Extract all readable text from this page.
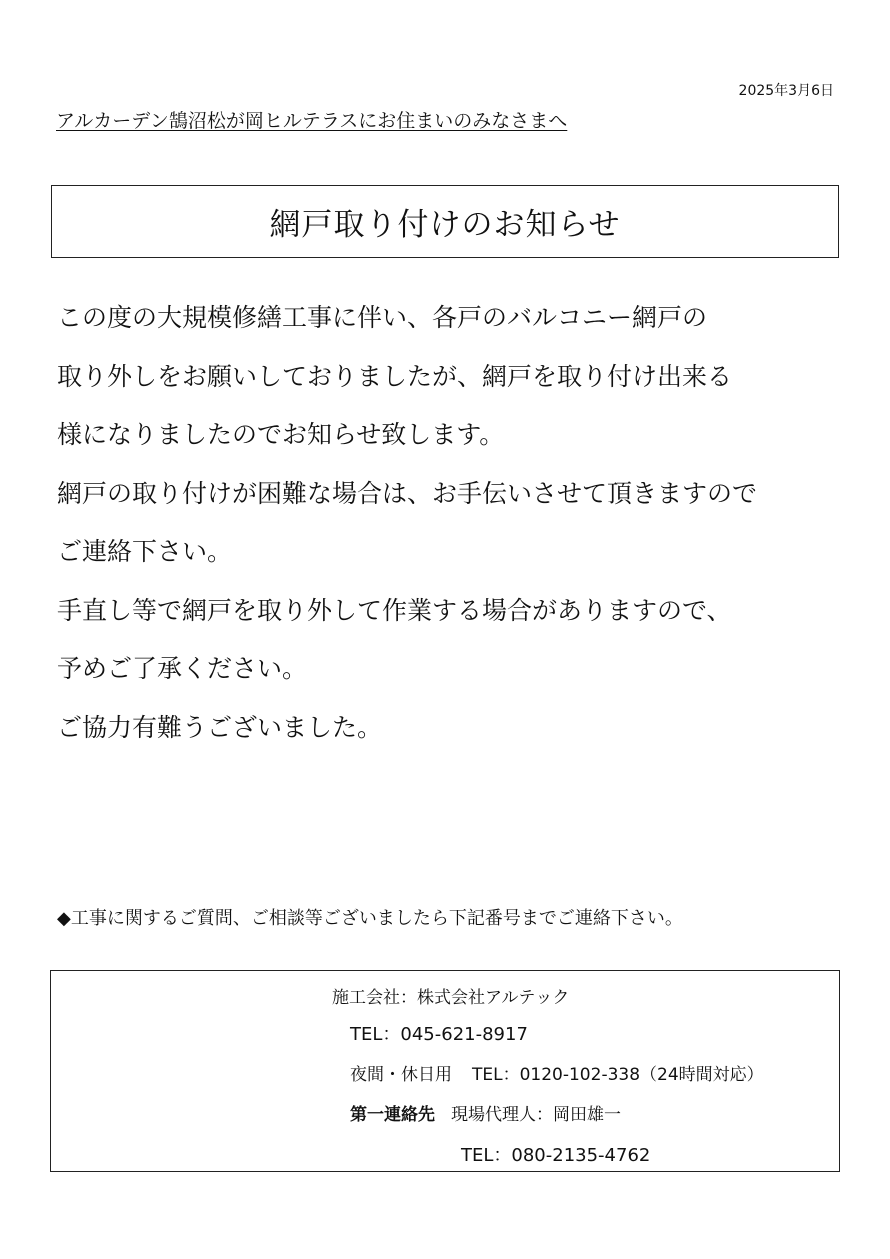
2025年3月6日
アルカーデン鵠沼松が岡ヒルテラスにお住まいのみなさまへ
網戸取り付けのお知らせ
この度の大規模修繕工事に伴い、各戸のバルコニー網戸の
取り外しをお願いしておりましたが、網戸を取り付け出来る
様になりましたのでお知らせ致します。
網戸の取り付けが困難な場合は、お手伝いさせて頂きますので
ご連絡下さい。
手直し等で網戸を取り外して作業する場合がありますので、
予めご了承ください。
ご協力有難うございました。
◆工事に関するご質問、ご相談等ございましたら下記番号までご連絡下さい。
施工会社：株式会社アルテック
TEL：045-621-8917
夜間・休日用 TEL：0120-102-338（24時間対応）
第一連絡先 現場代理人：岡田雄一
TEL：080-2135-4762
